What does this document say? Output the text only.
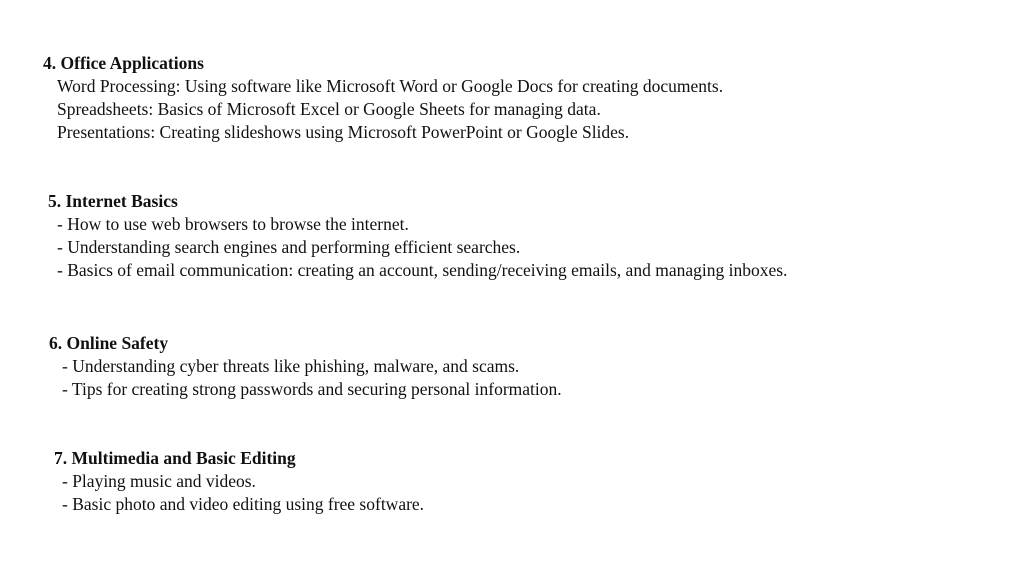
4. Office Applications
Word Processing: Using software like Microsoft Word or Google Docs for creating documents.
Spreadsheets: Basics of Microsoft Excel or Google Sheets for managing data.
Presentations: Creating slideshows using Microsoft PowerPoint or Google Slides.
5. Internet Basics
- How to use web browsers to browse the internet.
- Understanding search engines and performing efficient searches.
- Basics of email communication: creating an account, sending/receiving emails, and managing inboxes.
6. Online Safety
- Understanding cyber threats like phishing, malware, and scams.
- Tips for creating strong passwords and securing personal information.
7. Multimedia and Basic Editing
- Playing music and videos.
- Basic photo and video editing using free software.
